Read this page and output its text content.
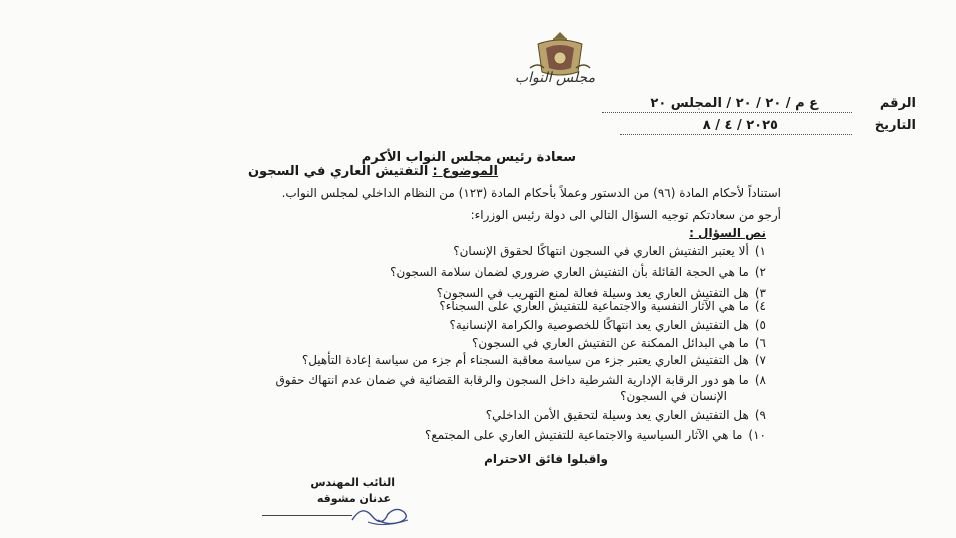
مجلس النواب
الرقم
ع م / ٢٠ / ٢٠ / المجلس ٢٠
التاريخ
٢٠٢٥ / ٤ / ٨
سعادة رئيس مجلس النواب الأكرم
الموضوع : التفتيش العاري في السجون
استناداً لأحكام المادة (٩٦) من الدستور وعملاً بأحكام المادة (١٢٣) من النظام الداخلي لمجلس النواب.
أرجو من سعادتكم توجيه السؤال التالي الى دولة رئيس الوزراء:
نص السؤال :
١)ألا يعتبر التفتيش العاري في السجون انتهاكًا لحقوق الإنسان؟
٢)ما هي الحجة القائلة بأن التفتيش العاري ضروري لضمان سلامة السجون؟
٣)هل التفتيش العاري يعد وسيلة فعالة لمنع التهريب في السجون؟
٤)ما هي الآثار النفسية والاجتماعية للتفتيش العاري على السجناء؟
٥)هل التفتيش العاري يعد انتهاكًا للخصوصية والكرامة الإنسانية؟
٦)ما هي البدائل الممكنة عن التفتيش العاري في السجون؟
٧)هل التفتيش العاري يعتبر جزء من سياسة معاقبة السجناء أم جزء من سياسة إعادة التأهيل؟
٨)ما هو دور الرقابة الإدارية الشرطية داخل السجون والرقابة القضائية في ضمان عدم انتهاك حقوق
الإنسان في السجون؟
٩)هل التفتيش العاري يعد وسيلة لتحقيق الأمن الداخلي؟
١٠)ما هي الآثار السياسية والاجتماعية للتفتيش العاري على المجتمع؟
واقبلوا فائق الاحترام
النائب المهندس
عدنان مشوقه
